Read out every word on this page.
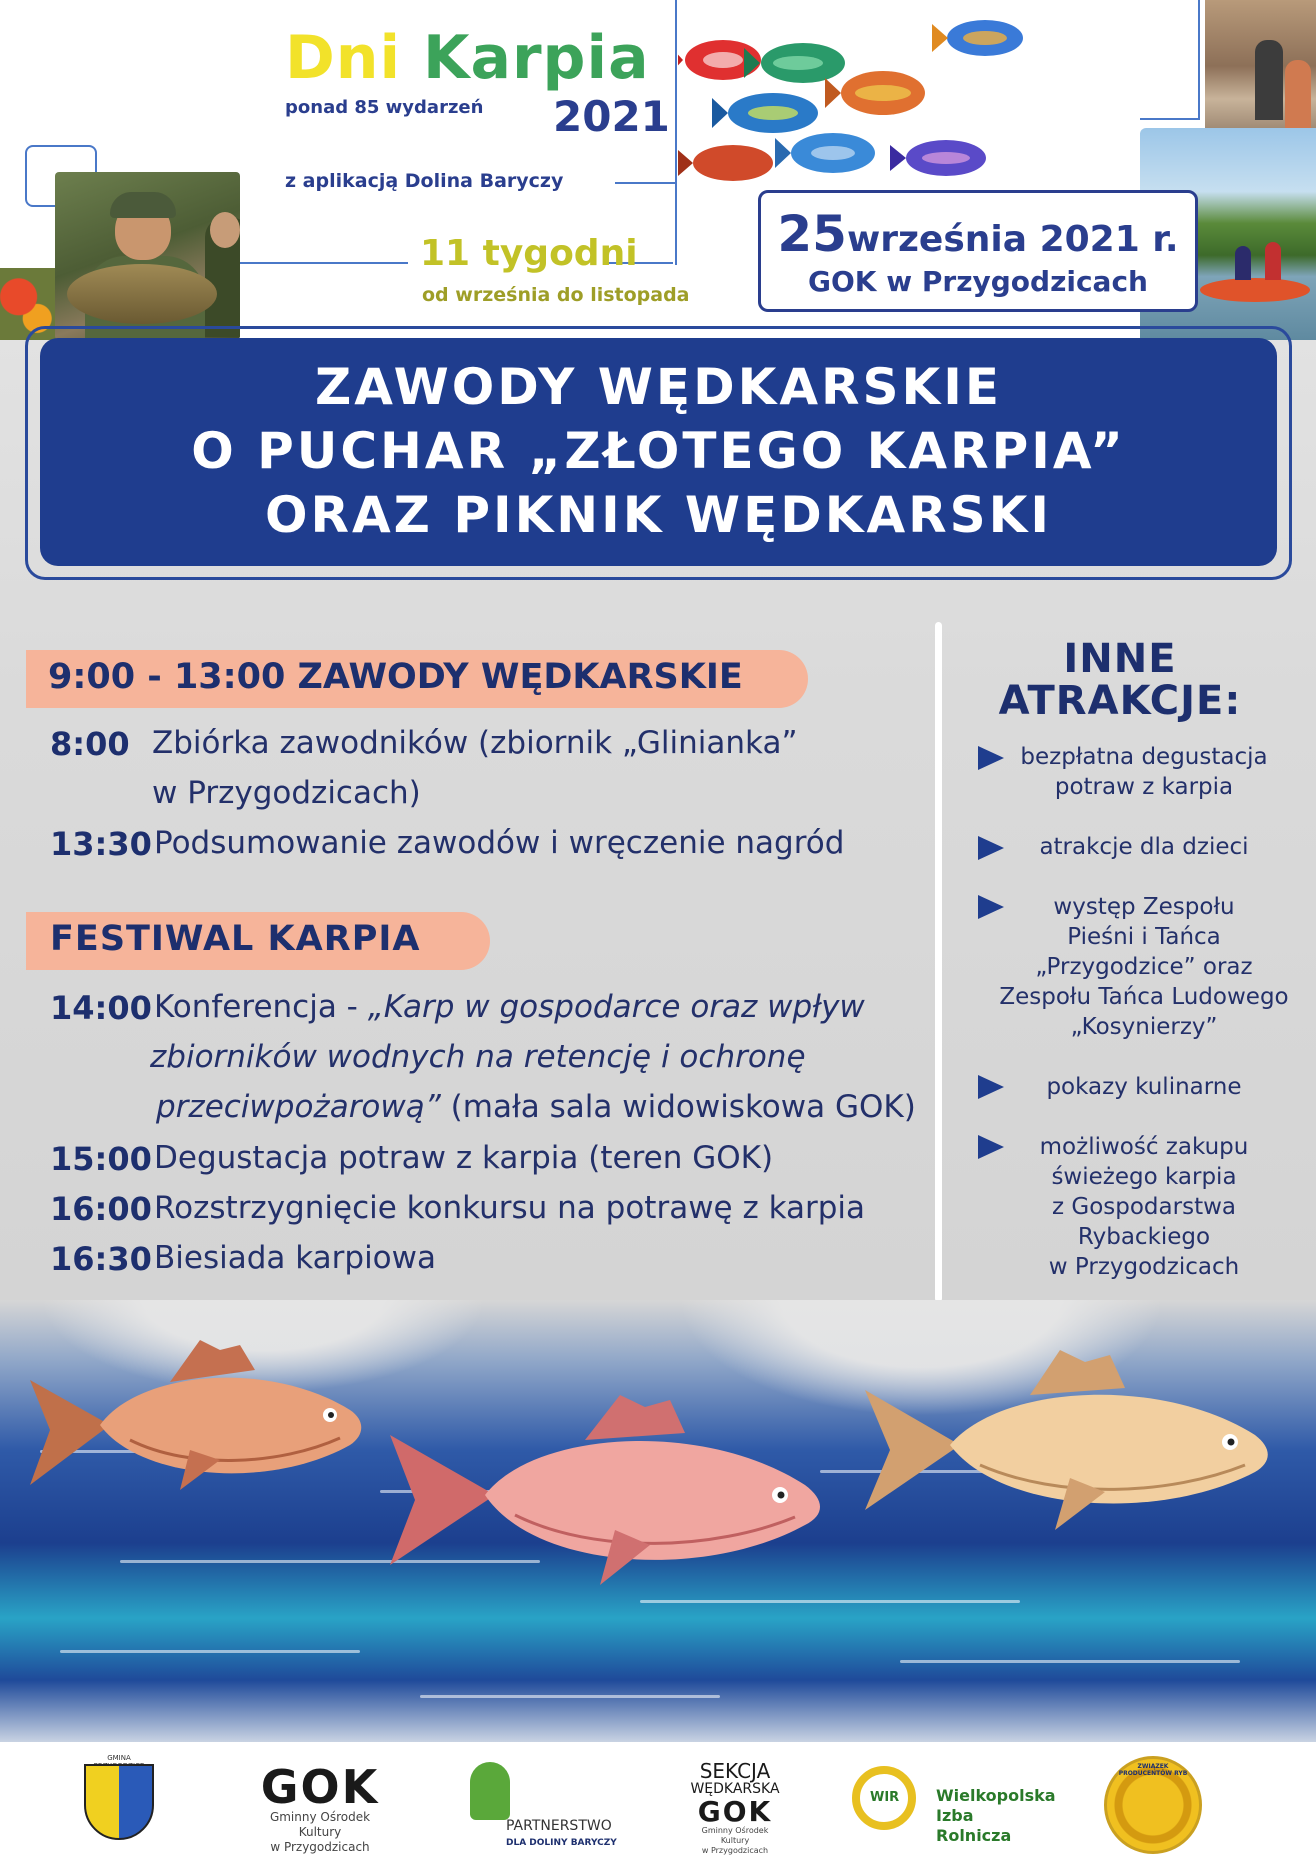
Dni Karpia
ponad 85 wydarzeń 2021
z aplikacją Dolina Baryczy
11 tygodni
od września do listopada
25września 2021 r.
GOK w Przygodzicach
ZAWODY WĘDKARSKIE
O PUCHAR „ZŁOTEGO KARPIA”
ORAZ PIKNIK WĘDKARSKI
9:00 - 13:00 ZAWODY WĘDKARSKIE
8:00 Zbiórka zawodników (zbiornik „Glinianka”
w Przygodzicach)
13:30 Podsumowanie zawodów i wręczenie nagród
FESTIWAL KARPIA
14:00 Konferencja - „Karp w gospodarce oraz wpływ
zbiorników wodnych na retencję i ochronę
przeciwpożarową” (mała sala widowiskowa GOK)
15:00 Degustacja potraw z karpia (teren GOK)
16:00 Rozstrzygnięcie konkursu na potrawę z karpia
16:30 Biesiada karpiowa
INNE
ATRAKCJE:
bezpłatna degustacja
potraw z karpia
atrakcje dla dzieci
występ Zespołu
Pieśni i Tańca
„Przygodzice” oraz
Zespołu Tańca Ludowego
„Kosynierzy”
pokazy kulinarne
możliwość zakupu
świeżego karpia
z Gospodarstwa
Rybackiego
w Przygodzicach
GMINA
GOK
Gminny Ośrodek Kultury
w Przygodzicach
PARTNERSTWO
DLA DOLINY BARYCZY
SEKCJA
WĘDKARSKA
GOK
Gminny Ośrodek Kultury
w Przygodzicach
WIR Wielkopolska
Izba Rolnicza
ZWIĄZEK PRODUCENTÓW RYB
